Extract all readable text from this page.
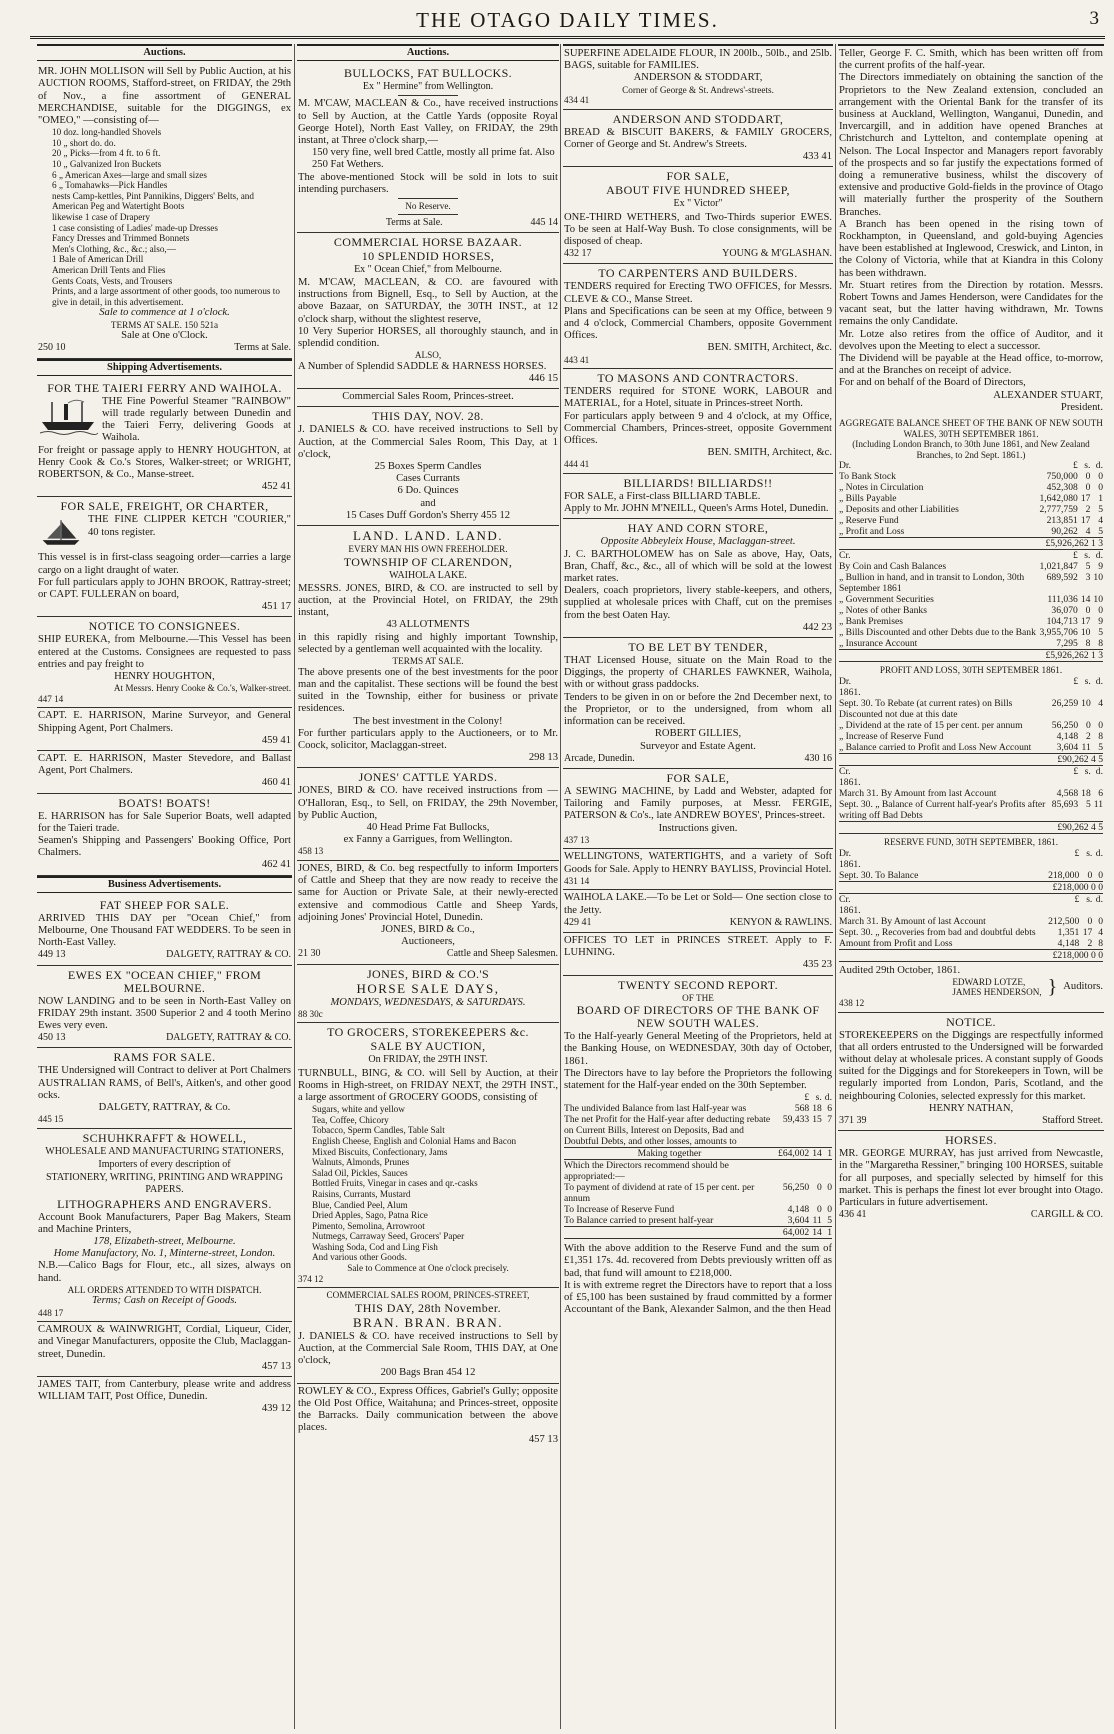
THE OTAGO DAILY TIMES.	3
Auctions.

MR. JOHN MOLLISON will Sell by Public Auction, at his AUCTION ROOMS, Stafford-street, on FRIDAY, the 29th of Nov., a fine assortment of GENERAL MERCHANDISE, suitable for the DIGGINGS, ex "OMEO," —consisting of—

10 doz. long-handled Shovels
10 „ short do. do.
20 „ Picks—from 4 ft. to 6 ft.
10 „ Galvanized Iron Buckets
6 „ American Axes—large and small sizes
6 „ Tomahawks—Pick Handles
nests Camp-kettles, Pint Pannikins, Diggers' Belts, and American Peg and Watertight Boots
likewise 1 case of Drapery
1 case consisting of Ladies' made-up Dresses
Fancy Dresses and Trimmed Bonnets
Men's Clothing, &c., &c.; also,—
1 Bale of American Drill
American Drill Tents and Flies
Gents Coats, Vests, and Trousers
Prints, and a large assortment of other goods, too numerous to give in detail, in this advertisement.
Sale to commence at 1 o'clock.
TERMS AT SALE. 150 521a
Sale at One o'Clock.
250 10	Terms at Sale.
Shipping Advertisements.
FOR THE TAIERI FERRY AND WAIHOLA.

THE Fine Powerful Steamer "RAINBOW" will trade regularly between Dunedin and the Taieri Ferry, delivering Goods at Waihola.

For freight or passage apply to HENRY HOUGHTON, at Henry Cook & Co.'s Stores, Walker-street; or WRIGHT, ROBERTSON, & Co., Manse-street.

452 41
FOR SALE, FREIGHT, OR CHARTER,

THE FINE CLIPPER KETCH "COURIER," 40 tons register.

This vessel is in first-class seagoing order—carries a large cargo on a light draught of water.

For full particulars apply to JOHN BROOK, Rattray-street; or CAPT. FULLERAN on board,

451 17
NOTICE TO CONSIGNEES.

SHIP EUREKA, from Melbourne.—This Vessel has been entered at the Customs. Consignees are requested to pass entries and pay freight to

HENRY HOUGHTON,
At Messrs. Henry Cooke & Co.'s, Walker-street.
447 14

CAPT. E. HARRISON, Marine Surveyor, and General Shipping Agent, Port Chalmers.

459 41

CAPT. E. HARRISON, Master Stevedore, and Ballast Agent, Port Chalmers.

460 41
BOATS! BOATS!

E. HARRISON has for Sale Superior Boats, well adapted for the Taieri trade.

Seamen's Shipping and Passengers' Booking Office, Port Chalmers.

462 41
Business Advertisements.
FAT SHEEP FOR SALE.

ARRIVED THIS DAY per "Ocean Chief," from Melbourne, One Thousand FAT WEDDERS. To be seen in North-East Valley.

449 13	DALGETY, RATTRAY & CO.
EWES EX "OCEAN CHIEF," FROM MELBOURNE.

NOW LANDING and to be seen in North-East Valley on FRIDAY 29th instant. 3500 Superior 2 and 4 tooth Merino Ewes very even.

450 13	DALGETY, RATTRAY & CO.
RAMS FOR SALE.

THE Undersigned will Contract to deliver at Port Chalmers AUSTRALIAN RAMS, of Bell's, Aitken's, and other good ocks.

DALGETY, RATTRAY, & Co.
445 15
SCHUHKRAFFT & HOWELL,
WHOLESALE AND MANUFACTURING STATIONERS,
Importers of every description of
STATIONERY, WRITING, PRINTING AND WRAPPING PAPERS.
LITHOGRAPHERS AND ENGRAVERS.

Account Book Manufacturers, Paper Bag Makers, Steam and Machine Printers,

178, Elizabeth-street, Melbourne.
Home Manufactory, No. 1, Minterne-street, London.

N.B.—Calico Bags for Flour, etc., all sizes, always on hand.

ALL ORDERS ATTENDED TO WITH DISPATCH.
Terms; Cash on Receipt of Goods.
448 17

CAMROUX & WAINWRIGHT, Cordial, Liqueur, Cider, and Vinegar Manufacturers, opposite the Club, Maclaggan-street, Dunedin.

457 13

JAMES TAIT, from Canterbury, please write and address WILLIAM TAIT, Post Office, Dunedin.

439 12
Auctions.
BULLOCKS, FAT BULLOCKS.
Ex " Hermine" from Wellington.

M. M'CAW, MACLEAN & Co., have received instructions to Sell by Auction, at the Cattle Yards (opposite Royal George Hotel), North East Valley, on FRIDAY, the 29th instant, at Three o'clock sharp,—

150 very fine, well bred Cattle, mostly all prime fat. Also
250 Fat Wethers.

The above-mentioned Stock will be sold in lots to suit intending purchasers.

No Reserve.
Terms at Sale.	445 14
COMMERCIAL HORSE BAZAAR.
10 SPLENDID HORSES,
Ex " Ocean Chief," from Melbourne.

M. M'CAW, MACLEAN, & CO. are favoured with instructions from Bignell, Esq., to Sell by Auction, at the above Bazaar, on SATURDAY, the 30TH INST., at 12 o'clock sharp, without the slightest reserve,

10 Very Superior HORSES, all thoroughly staunch, and in splendid condition.

ALSO,

A Number of Splendid SADDLE & HARNESS HORSES.

446 15
Commercial Sales Room, Princes-street.
THIS DAY, NOV. 28.

J. DANIELS & CO. have received instructions to Sell by Auction, at the Commercial Sales Room, This Day, at 1 o'clock,

25 Boxes Sperm Candles
Cases Currants
6 Do. Quinces
and
15 Cases Duff Gordon's Sherry 455 12
LAND. LAND. LAND.
EVERY MAN HIS OWN FREEHOLDER.
TOWNSHIP OF CLARENDON,
WAIHOLA LAKE.

MESSRS. JONES, BIRD, & CO. are instructed to sell by auction, at the Provincial Hotel, on FRIDAY, the 29th instant,

43 ALLOTMENTS

in this rapidly rising and highly important Township, selected by a gentleman well acquainted with the locality.

TERMS AT SALE.

The above presents one of the best investments for the poor man and the capitalist. These sections will be found the best suited in the Township, either for business or private residences.

The best investment in the Colony!

For further particulars apply to the Auctioneers, or to Mr. Coock, solicitor, Maclaggan-street.

298 13
JONES' CATTLE YARDS.

JONES, BIRD & CO. have received instructions from — O'Halloran, Esq., to Sell, on FRIDAY, the 29th November, by Public Auction,

40 Head Prime Fat Bullocks,
ex Fanny a Garrigues, from Wellington.
458 13

JONES, BIRD, & Co. beg respectfully to inform Importers of Cattle and Sheep that they are now ready to receive the same for Auction or Private Sale, at their newly-erected extensive and commodious Cattle and Sheep Yards, adjoining Jones' Provincial Hotel, Dunedin.

JONES, BIRD & Co.,
Auctioneers,
21 30	Cattle and Sheep Salesmen.
JONES, BIRD & CO.'S
HORSE SALE DAYS,
MONDAYS, WEDNESDAYS, & SATURDAYS.
88 30c
TO GROCERS, STOREKEEPERS &c.
SALE BY AUCTION,
On FRIDAY, the 29TH INST.

TURNBULL, BING, & CO. will Sell by Auction, at their Rooms in High-street, on FRIDAY NEXT, the 29TH INST., a large assortment of GROCERY GOODS, consisting of

Sugars, white and yellow
Tea, Coffee, Chicory
Tobacco, Sperm Candles, Table Salt
English Cheese, English and Colonial Hams and Bacon
Mixed Biscuits, Confectionary, Jams
Walnuts, Almonds, Prunes
Salad Oil, Pickles, Sauces
Bottled Fruits, Vinegar in cases and qr.-casks
Raisins, Currants, Mustard
Blue, Candied Peel, Alum
Dried Apples, Sago, Patna Rice
Pimento, Semolina, Arrowroot
Nutmegs, Carraway Seed, Grocers' Paper
Washing Soda, Cod and Ling Fish
And various other Goods.
Sale to Commence at One o'clock precisely.
374 12
COMMERCIAL SALES ROOM, PRINCES-STREET,
THIS DAY, 28th November.
BRAN. BRAN. BRAN.

J. DANIELS & CO. have received instructions to Sell by Auction, at the Commercial Sale Room, THIS DAY, at One o'clock,

200 Bags Bran 454 12

ROWLEY & CO., Express Offices, Gabriel's Gully; opposite the Old Post Office, Waitahuna; and Princes-street, opposite the Barracks. Daily communication between the above places.

457 13

SUPERFINE ADELAIDE FLOUR, IN 200lb., 50lb., and 25lb. BAGS, suitable for FAMILIES.

ANDERSON & STODDART,
Corner of George & St. Andrews'-streets.
434 41
ANDERSON AND STODDART,

BREAD & BISCUIT BAKERS, & FAMILY GROCERS, Corner of George and St. Andrew's Streets.

433 41
FOR SALE,
ABOUT FIVE HUNDRED SHEEP,
Ex " Victor"

ONE-THIRD WETHERS, and Two-Thirds superior EWES. To be seen at Half-Way Bush. To close consignments, will be disposed of cheap.

432 17	YOUNG & M'GLASHAN.
TO CARPENTERS AND BUILDERS.

TENDERS required for Erecting TWO OFFICES, for Messrs. CLEVE & CO., Manse Street.

Plans and Specifications can be seen at my Office, between 9 and 4 o'clock, Commercial Chambers, opposite Government Offices.

BEN. SMITH, Architect, &c.
443 41
TO MASONS AND CONTRACTORS.

TENDERS required for STONE WORK, LABOUR and MATERIAL, for a Hotel, situate in Princes-street North.

For particulars apply between 9 and 4 o'clock, at my Office, Commercial Chambers, Princes-street, opposite Government Offices.

BEN. SMITH, Architect, &c.
444 41
BILLIARDS! BILLIARDS!!

FOR SALE, a First-class BILLIARD TABLE.

Apply to Mr. JOHN M'NEILL, Queen's Arms Hotel, Dunedin.

HAY AND CORN STORE,
Opposite Abbeyleix House, Maclaggan-street.

J. C. BARTHOLOMEW has on Sale as above, Hay, Oats, Bran, Chaff, &c., &c., all of which will be sold at the lowest market rates.

Dealers, coach proprietors, livery stable-keepers, and others, supplied at wholesale prices with Chaff, cut on the premises from the best Oaten Hay.

442 23
TO BE LET BY TENDER,

THAT Licensed House, situate on the Main Road to the Diggings, the property of CHARLES FAWKNER, Waihola, with or without grass paddocks.

Tenders to be given in on or before the 2nd December next, to the Proprietor, or to the undersigned, from whom all information can be received.

ROBERT GILLIES,
Surveyor and Estate Agent.
Arcade, Dunedin.	430 16
FOR SALE,

A SEWING MACHINE, by Ladd and Webster, adapted for Tailoring and Family purposes, at Messr. FERGIE, PATERSON & Co's., late ANDREW BOYES', Princes-street.

Instructions given.
437 13

WELLINGTONS, WATERTIGHTS, and a variety of Soft Goods for Sale. Apply to HENRY BAYLISS, Provincial Hotel.

431 14

WAIHOLA LAKE.—To be Let or Sold— One section close to the Jetty.

429 41	KENYON & RAWLINS.

OFFICES TO LET in PRINCES STREET. Apply to F. LUHNING.

435 23
TWENTY SECOND REPORT.
OF THE
BOARD OF DIRECTORS OF THE BANK OF NEW SOUTH WALES.

To the Half-yearly General Meeting of the Proprietors, held at the Banking House, on WEDNESDAY, 30th day of October, 1861.

The Directors have to lay before the Proprietors the following statement for the Half-year ended on the 30th September.

	£	s.	d.
The undivided Balance from last Half-year was	568	18	6
The net Profit for the Half-year after deducting rebate on Current Bills, Interest on Deposits, Bad and Doubtful Debts, and other losses, amounts to	59,433	15	7
Making together	£64,002	14	1
Which the Directors recommend should be appropriated:—			
To payment of dividend at rate of 15 per cent. per annum	56,250	0	0
To Increase of Reserve Fund	4,148	0	0
To Balance carried to present half-year	3,604	11	5
	64,002	14	1

With the above addition to the Reserve Fund and the sum of £1,351 17s. 4d. recovered from Debts previously written off as bad, that fund will amount to £218,000.

It is with extreme regret the Directors have to report that a loss of £5,100 has been sustained by fraud committed by a former Accountant of the Bank, Alexander Salmon, and the then Head

Teller, George F. C. Smith, which has been written off from the current profits of the half-year.

The Directors immediately on obtaining the sanction of the Proprietors to the New Zealand extension, concluded an arrangement with the Oriental Bank for the transfer of its business at Auckland, Wellington, Wanganui, Dunedin, and Invercargill, and in addition have opened Branches at Christchurch and Lyttelton, and contemplate opening at Nelson. The Local Inspector and Managers report favorably of the prospects and so far justify the expectations formed of doing a remunerative business, whilst the discovery of extensive and productive Gold-fields in the province of Otago will materially further the prosperity of the Southern Branches.

A Branch has been opened in the rising town of Rockhampton, in Queensland, and gold-buying Agencies have been established at Inglewood, Creswick, and Linton, in the Colony of Victoria, while that at Kiandra in this Colony has been withdrawn.

Mr. Stuart retires from the Direction by rotation. Messrs. Robert Towns and James Henderson, were Candidates for the vacant seat, but the latter having withdrawn, Mr. Towns remains the only Candidate.

Mr. Lotze also retires from the office of Auditor, and it devolves upon the Meeting to elect a successor.

The Dividend will be payable at the Head office, to-morrow, and at the Branches on receipt of advice.

For and on behalf of the Board of Directors,

ALEXANDER STUART,
President.
AGGREGATE BALANCE SHEET OF THE BANK OF NEW SOUTH WALES, 30TH SEPTEMBER 1861.
(Including London Branch, to 30th June 1861, and New Zealand Branches, to 2nd Sept. 1861.)
Dr.	£	s.	d.
To Bank Stock	750,000	0	0
„ Notes in Circulation	452,308	0	0
„ Bills Payable	1,642,080	17	1
„ Deposits and other Liabilities	2,777,759	2	5
„ Reserve Fund	213,851	17	4
„ Profit and Loss	90,262	4	5
	£5,926,262 1 3		
Cr.	£	s.	d.
By Coin and Cash Balances	1,021,847	5	9
„ Bullion in hand, and in transit to London, 30th September 1861	689,592	3	10
„ Government Securities	111,036	14	10
„ Notes of other Banks	36,070	0	0
„ Bank Premises	104,713	17	9
„ Bills Discounted and other Debts due to the Bank	3,955,706	10	5
„ Insurance Account	7,295	8	8
	£5,926,262 1 3		
PROFIT AND LOSS, 30TH SEPTEMBER 1861.
Dr.	£	s.	d.
1861.			
Sept. 30. To Rebate (at current rates) on Bills Discounted not due at this date	26,259	10	4
„ Dividend at the rate of 15 per cent. per annum	56,250	0	0
„ Increase of Reserve Fund	4,148	2	8
„ Balance carried to Profit and Loss New Account	3,604	11	5
	£90,262 4 5		
Cr.	£	s.	d.
1861.			
March 31. By Amount from last Account	4,568	18	6
Sept. 30. „ Balance of Current half-year's Profits after writing off Bad Debts	85,693	5	11
	£90,262 4 5		
RESERVE FUND, 30TH SEPTEMBER, 1861.
Dr.	£	s.	d.
1861.			
Sept. 30. To Balance	218,000	0	0
	£218,000 0 0		
Cr.	£	s.	d.
1861.			
March 31. By Amount of last Account	212,500	0	0
Sept. 30. „ Recoveries from bad and doubtful debts	1,351	17	4
Amount from Profit and Loss	4,148	2	8
	£218,000 0 0		
Audited 29th October, 1861.
EDWARD LOTZE,
JAMES HENDERSON, } Auditors.
438 12
NOTICE.

STOREKEEPERS on the Diggings are respectfully informed that all orders entrusted to the Undersigned will be forwarded without delay at wholesale prices. A constant supply of Goods suited for the Diggings and for Storekeepers in Town, will be regularly imported from London, Paris, Scotland, and the neighbouring Colonies, selected expressly for this market.

HENRY NATHAN,
371 39	Stafford Street.
HORSES.

MR. GEORGE MURRAY, has just arrived from Newcastle, in the "Margaretha Ressiner," bringing 100 HORSES, suitable for all purposes, and specially selected by himself for this market. This is perhaps the finest lot ever brought into Otago. Particulars in future advertisement.

436 41	CARGILL & CO.
